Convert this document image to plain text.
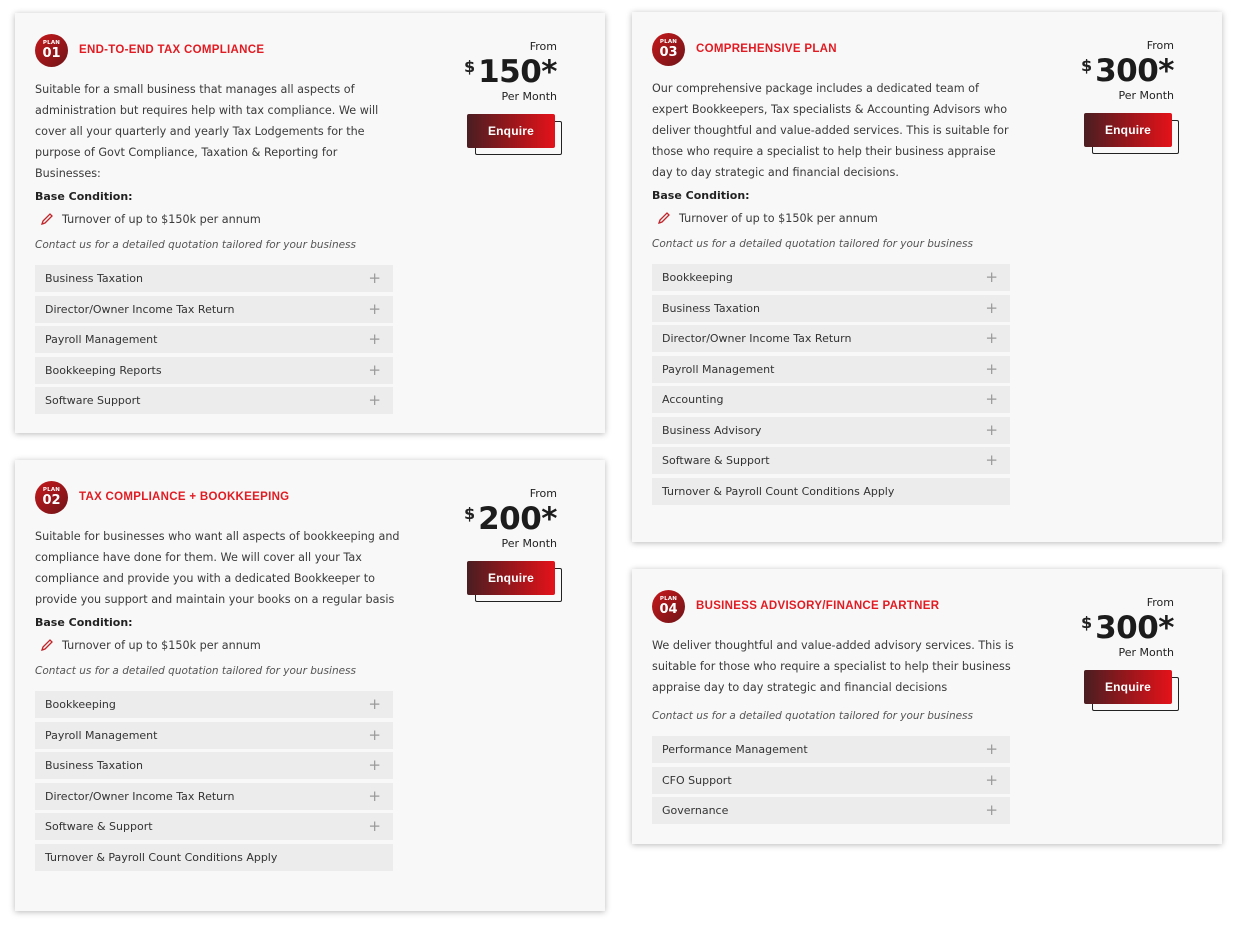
PLAN
01 END-TO-END TAX COMPLIANCE
Suitable for a small business that manages all aspects of administration but requires help with tax compliance. We will cover all your quarterly and yearly Tax Lodgements for the purpose of Govt Compliance, Taxation & Reporting for Businesses:
Base Condition:
Turnover of up to $150k per annum
Contact us for a detailed quotation tailored for your business
Business Taxation	+
Director/Owner Income Tax Return	+
Payroll Management	+
Bookkeeping Reports	+
Software Support	+
From
$ 150*
Per Month
Enquire
PLAN
02 TAX COMPLIANCE + BOOKKEEPING
Suitable for businesses who want all aspects of bookkeeping and compliance have done for them. We will cover all your Tax compliance and provide you with a dedicated Bookkeeper to provide you support and maintain your books on a regular basis
Base Condition:
Turnover of up to $150k per annum
Contact us for a detailed quotation tailored for your business
Bookkeeping	+
Payroll Management	+
Business Taxation	+
Director/Owner Income Tax Return	+
Software & Support	+
Turnover & Payroll Count Conditions Apply
From
$ 200*
Per Month
Enquire
PLAN
03 COMPREHENSIVE PLAN
Our comprehensive package includes a dedicated team of expert Bookkeepers, Tax specialists & Accounting Advisors who deliver thoughtful and value-added services. This is suitable for those who require a specialist to help their business appraise day to day strategic and financial decisions.
Base Condition:
Turnover of up to $150k per annum
Contact us for a detailed quotation tailored for your business
Bookkeeping	+
Business Taxation	+
Director/Owner Income Tax Return	+
Payroll Management	+
Accounting	+
Business Advisory	+
Software & Support	+
Turnover & Payroll Count Conditions Apply
From
$ 300*
Per Month
Enquire
PLAN
04 BUSINESS ADVISORY/FINANCE PARTNER
We deliver thoughtful and value-added advisory services. This is suitable for those who require a specialist to help their business appraise day to day strategic and financial decisions
Contact us for a detailed quotation tailored for your business
Performance Management	+
CFO Support	+
Governance	+
From
$ 300*
Per Month
Enquire
